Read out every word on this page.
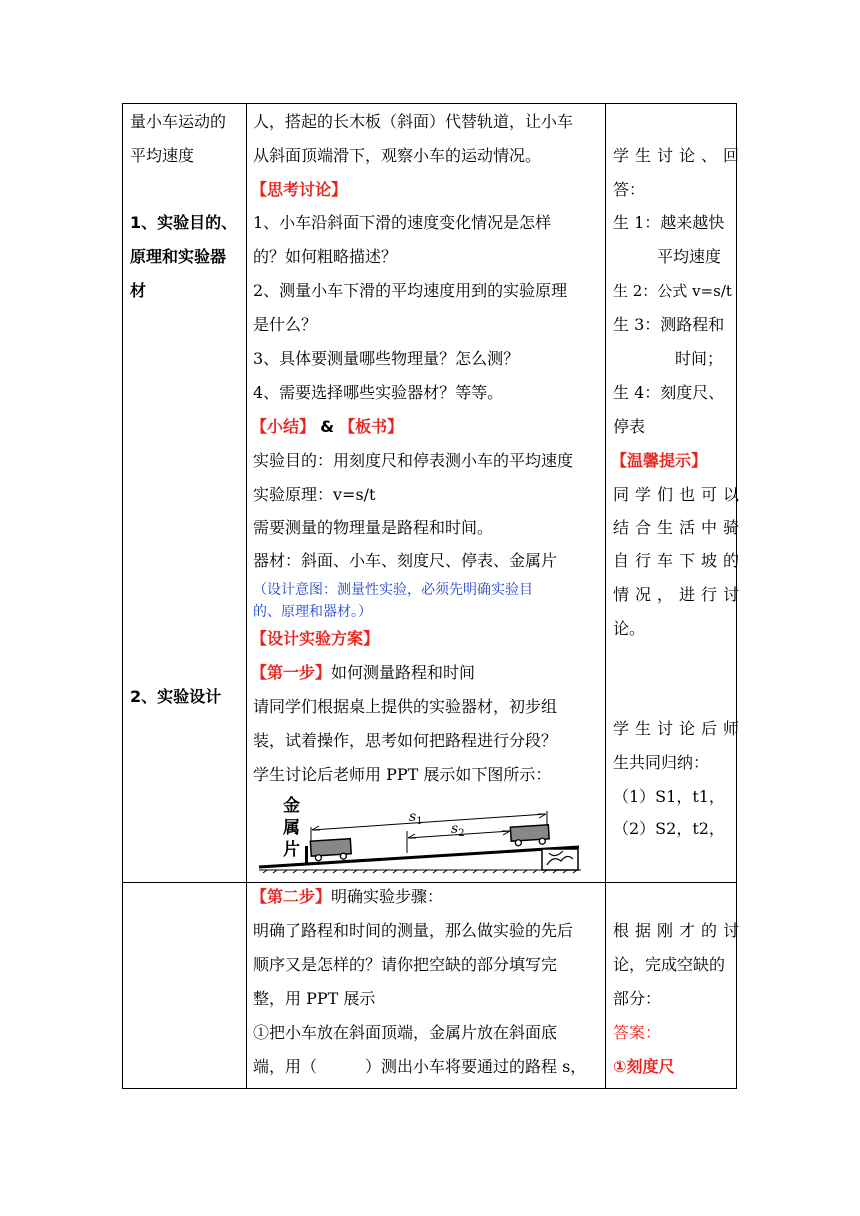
量小车运动的
平均速度
1、实验目的、
原理和实验器
材
2、实验设计
人，搭起的长木板（斜面）代替轨道，让小车
从斜面顶端滑下，观察小车的运动情况。
【思考讨论】
1、小车沿斜面下滑的速度变化情况是怎样
的？如何粗略描述？
2、测量小车下滑的平均速度用到的实验原理
是什么？
3、具体要测量哪些物理量？怎么测？
4、需要选择哪些实验器材？等等。
【小结】 & 【板书】
实验目的：用刻度尺和停表测小车的平均速度
实验原理：v=s/t
需要测量的物理量是路程和时间。
器材：斜面、小车、刻度尺、停表、金属片
（设计意图：测量性实验，必须先明确实验目
的、原理和器材。）
【设计实验方案】
【第一步】如何测量路程和时间
请同学们根据桌上提供的实验器材，初步组
装，试着操作，思考如何把路程进行分段？
学生讨论后老师用 PPT 展示如下图所示：
金
属
片
$s_1$ $s_2$
学生讨论、回
答：
生 1：越来越快
平均速度
生 2：公式 v=s/t
生 3：测路程和
时间；
生 4：刻度尺、
停表
【温馨提示】
同学们也可以
结合生活中骑
自行车下坡的
情况，进行讨
论。
学生讨论后师
生共同归纳：
（1）S1，t1，
（2）S2，t2，
【第二步】明确实验步骤：
明确了路程和时间的测量，那么做实验的先后
顺序又是怎样的？请你把空缺的部分填写完
整，用 PPT 展示
①把小车放在斜面顶端，金属片放在斜面底
端，用（　　　）测出小车将要通过的路程 s，
根据刚才的讨
论，完成空缺的
部分：
答案：
①刻度尺
